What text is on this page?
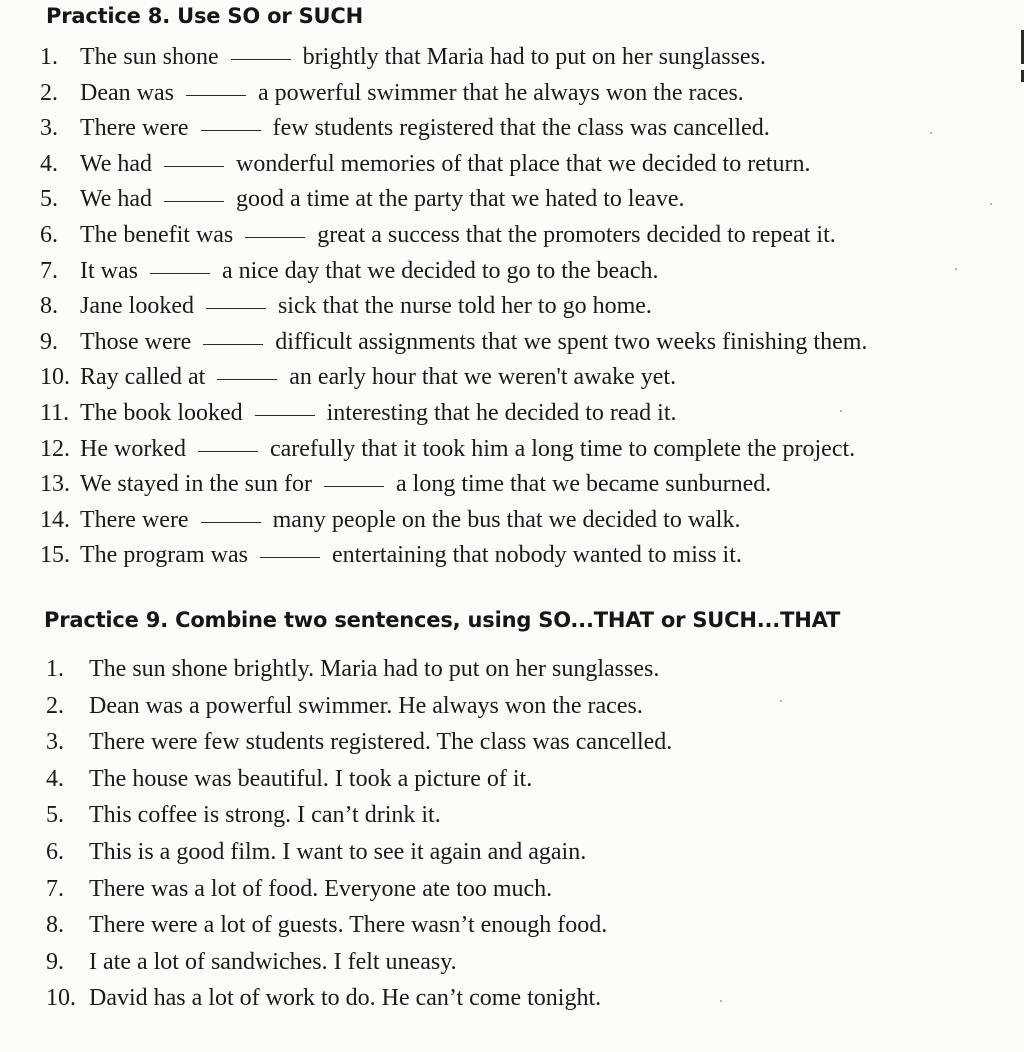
Practice 8. Use SO or SUCH
1. The sun shone	brightly that Maria had to put on her sunglasses.
2. Dean was	a powerful swimmer that he always won the races.
3. There were	few students registered that the class was cancelled.
4. We had	wonderful memories of that place that we decided to return.
5. We had	good a time at the party that we hated to leave.
6. The benefit was	great a success that the promoters decided to repeat it.
7. It was	a nice day that we decided to go to the beach.
8. Jane looked	sick that the nurse told her to go home.
9. Those were	difficult assignments that we spent two weeks finishing them.
10. Ray called at	an early hour that we weren't awake yet.
11. The book looked	interesting that he decided to read it.
12. He worked	carefully that it took him a long time to complete the project.
13. We stayed in the sun for	a long time that we became sunburned.
14. There were	many people on the bus that we decided to walk.
15. The program was	entertaining that nobody wanted to miss it.
Practice 9. Combine two sentences, using SO...THAT or SUCH...THAT
1.	The sun shone brightly. Maria had to put on her sunglasses.
2.	Dean was a powerful swimmer. He always won the races.
3.	There were few students registered. The class was cancelled.
4.	The house was beautiful. I took a picture of it.
5.	This coffee is strong. I can’t drink it.
6.	This is a good film. I want to see it again and again.
7.	There was a lot of food. Everyone ate too much.
8.	There were a lot of guests. There wasn’t enough food.
9.	I ate a lot of sandwiches. I felt uneasy.
10. David has a lot of work to do. He can’t come tonight.
